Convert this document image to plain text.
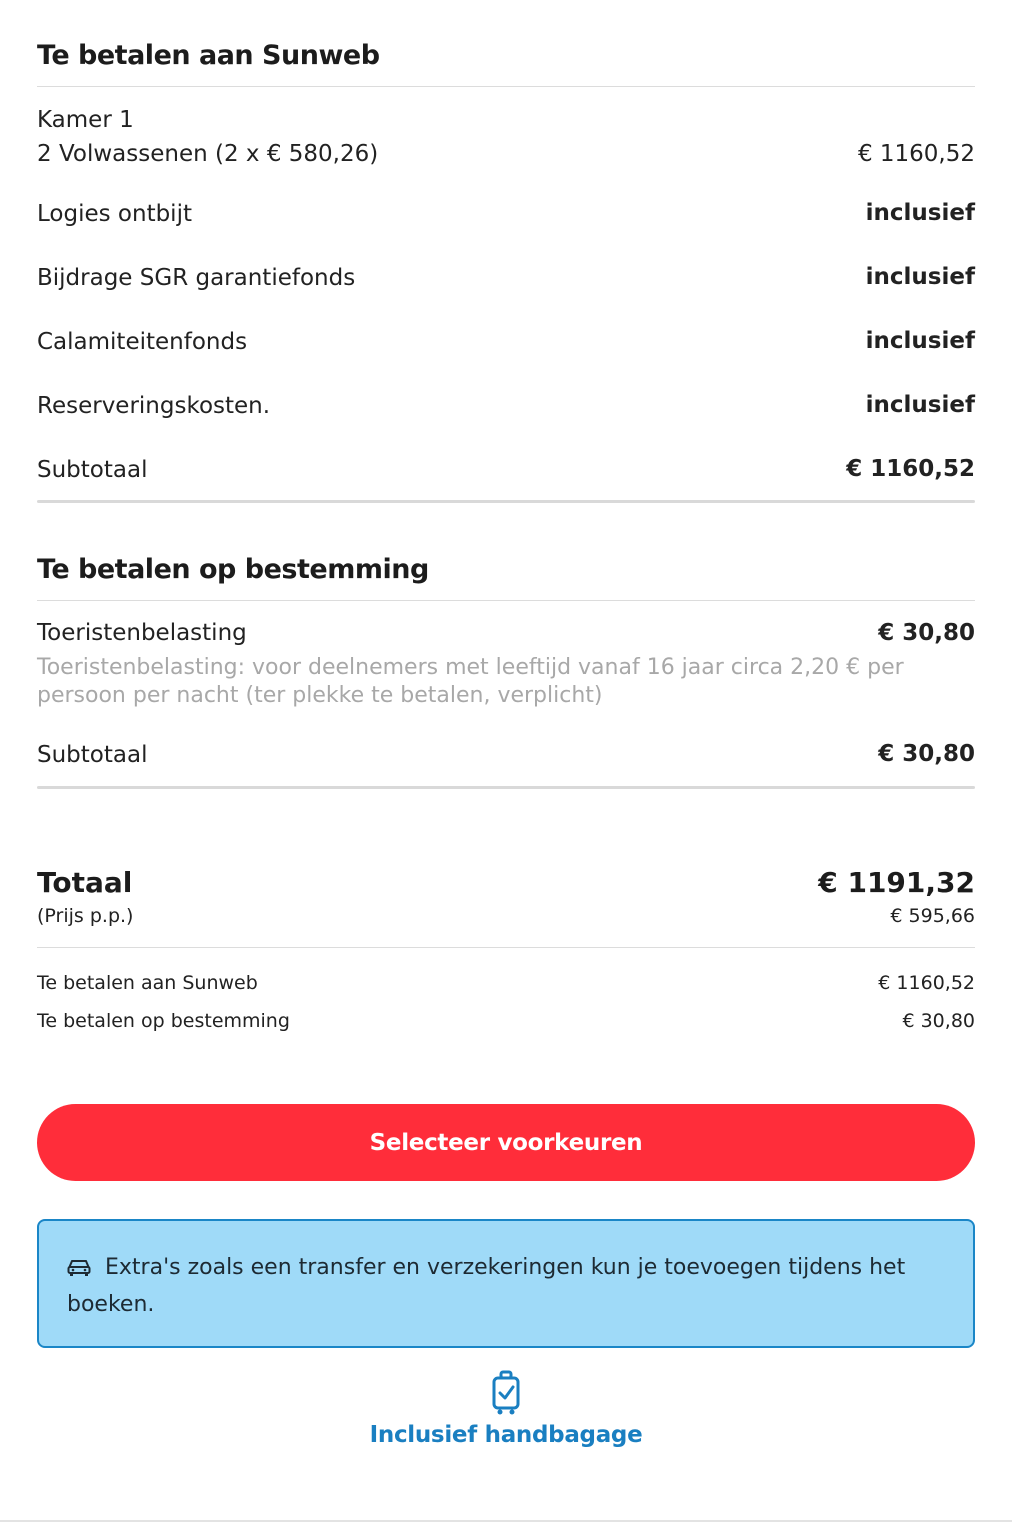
Te betalen aan Sunweb
Kamer 1
2 Volwassenen (2 x € 580,26)	€ 1160,52
Logies ontbijt	inclusief
Bijdrage SGR garantiefonds	inclusief
Calamiteitenfonds	inclusief
Reserveringskosten.	inclusief
Subtotaal	€ 1160,52
Te betalen op bestemming
Toeristenbelasting	€ 30,80
Toeristenbelasting: voor deelnemers met leeftijd vanaf 16 jaar circa 2,20 € per persoon per nacht (ter plekke te betalen, verplicht)
Subtotaal	€ 30,80
Totaal	€ 1191,32
(Prijs p.p.)	€ 595,66
Te betalen aan Sunweb	€ 1160,52
Te betalen op bestemming	€ 30,80
Selecteer voorkeuren
Extra's zoals een transfer en verzekeringen kun je toevoegen tijdens het boeken.
Inclusief handbagage
